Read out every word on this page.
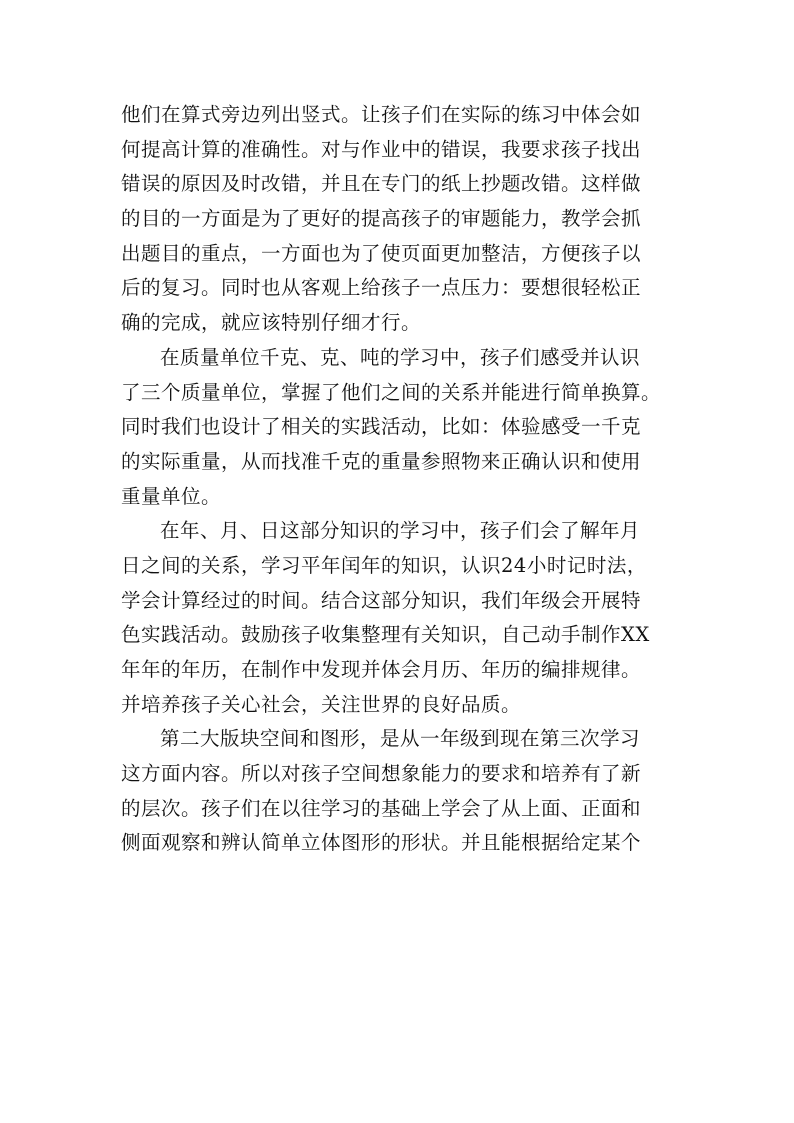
他们在算式旁边列出竖式。让孩子们在实际的练习中体会如
何提高计算的准确性。对与作业中的错误，我要求孩子找出
错误的原因及时改错，并且在专门的纸上抄题改错。这样做
的目的一方面是为了更好的提高孩子的审题能力，教学会抓
出题目的重点，一方面也为了使页面更加整洁，方便孩子以
后的复习。同时也从客观上给孩子一点压力：要想很轻松正
确的完成，就应该特别仔细才行。
在质量单位千克、克、吨的学习中，孩子们感受并认识
了三个质量单位，掌握了他们之间的关系并能进行简单换算。
同时我们也设计了相关的实践活动，比如：体验感受一千克
的实际重量，从而找准千克的重量参照物来正确认识和使用
重量单位。
在年、月、日这部分知识的学习中，孩子们会了解年月
日之间的关系，学习平年闰年的知识，认识24小时记时法，
学会计算经过的时间。结合这部分知识，我们年级会开展特
色实践活动。鼓励孩子收集整理有关知识，自己动手制作XX
年年的年历，在制作中发现并体会月历、年历的编排规律。
并培养孩子关心社会，关注世界的良好品质。
第二大版块空间和图形，是从一年级到现在第三次学习
这方面内容。所以对孩子空间想象能力的要求和培养有了新
的层次。孩子们在以往学习的基础上学会了从上面、正面和
侧面观察和辨认简单立体图形的形状。并且能根据给定某个
